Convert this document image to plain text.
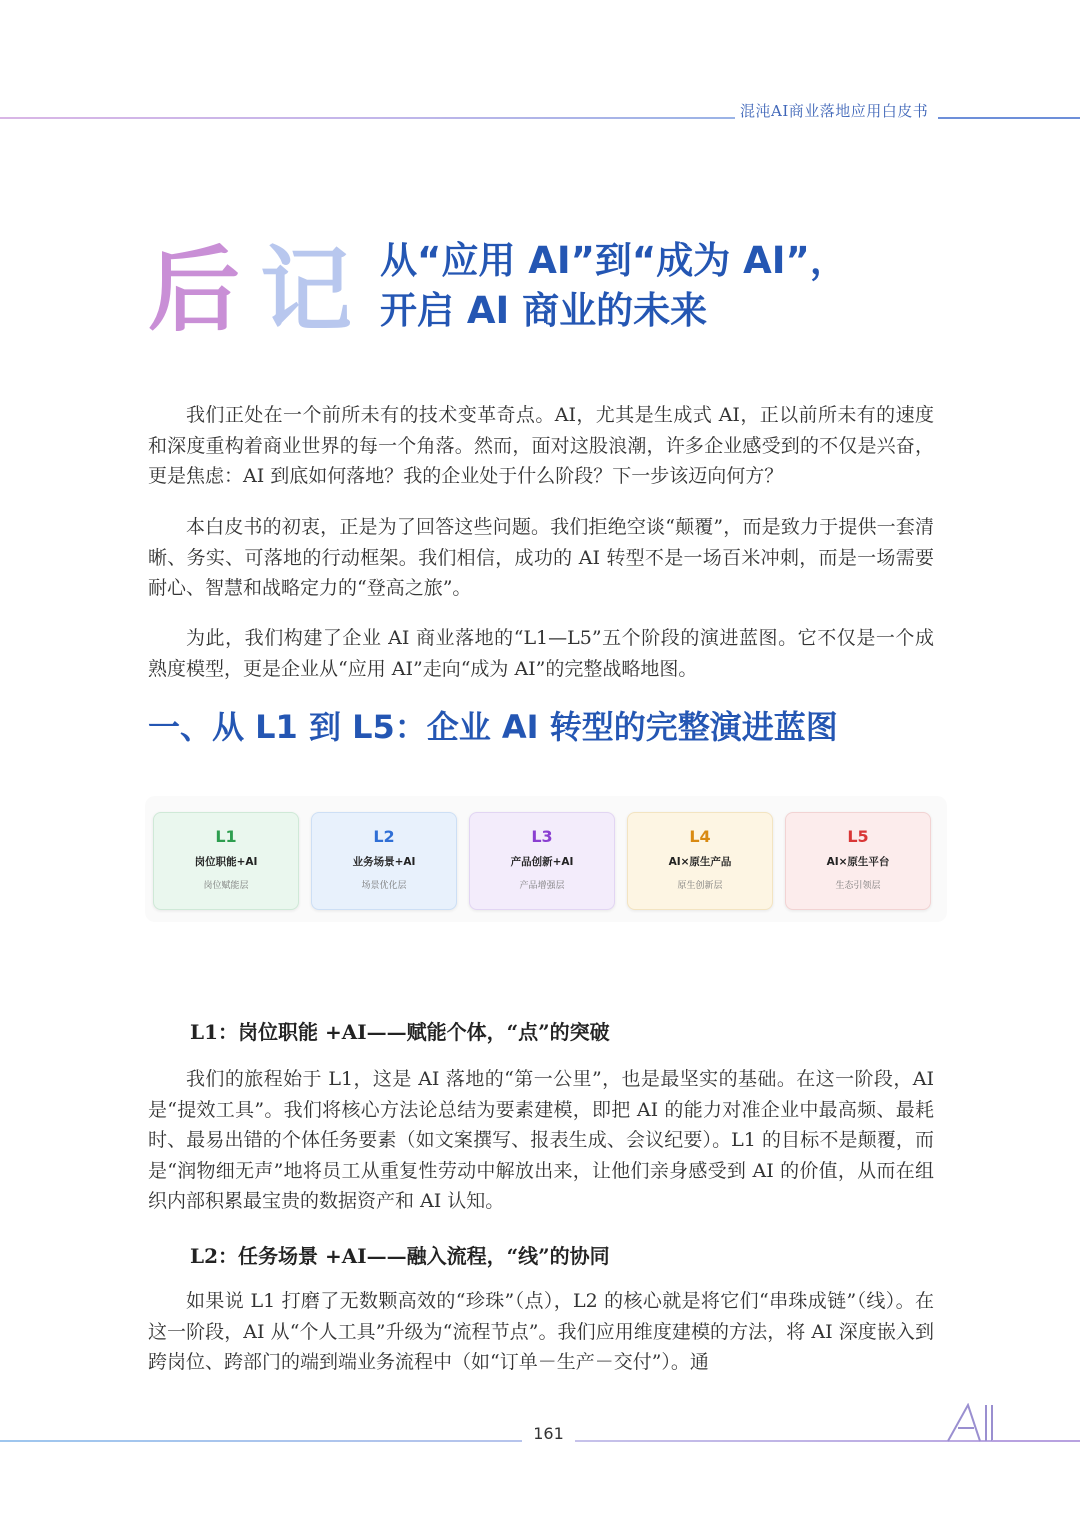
混沌AI商业落地应用白皮书
后记 从“应用 AI”到“成为 AI”，
开启 AI 商业的未来

我们正处在一个前所未有的技术变革奇点。AI，尤其是生成式 AI，正以前所未有的速度和深度重构着商业世界的每一个角落。然而，面对这股浪潮，许多企业感受到的不仅是兴奋，更是焦虑：AI 到底如何落地？我的企业处于什么阶段？下一步该迈向何方？

本白皮书的初衷，正是为了回答这些问题。我们拒绝空谈“颠覆”，而是致力于提供一套清晰、务实、可落地的行动框架。我们相信，成功的 AI 转型不是一场百米冲刺，而是一场需要耐心、智慧和战略定力的“登高之旅”。

为此，我们构建了企业 AI 商业落地的“L1—L5”五个阶段的演进蓝图。它不仅是一个成熟度模型，更是企业从“应用 AI”走向“成为 AI”的完整战略地图。

一、从 L1 到 L5：企业 AI 转型的完整演进蓝图
L1
岗位职能+AI
岗位赋能层
L2
业务场景+AI
场景优化层
L3
产品创新+AI
产品增强层
L4
AI×原生产品
原生创新层
L5
AI×原生平台
生态引领层
L1：岗位职能 +AI——赋能个体，“点”的突破

我们的旅程始于 L1，这是 AI 落地的“第一公里”，也是最坚实的基础。在这一阶段，AI 是“提效工具”。我们将核心方法论总结为要素建模，即把 AI 的能力对准企业中最高频、最耗时、最易出错的个体任务要素（如文案撰写、报表生成、会议纪要）。L1 的目标不是颠覆，而是“润物细无声”地将员工从重复性劳动中解放出来，让他们亲身感受到 AI 的价值，从而在组织内部积累最宝贵的数据资产和 AI 认知。

L2：任务场景 +AI——融入流程，“线”的协同

如果说 L1 打磨了无数颗高效的“珍珠”（点），L2 的核心就是将它们“串珠成链”（线）。在这一阶段，AI 从“个人工具”升级为“流程节点”。我们应用维度建模的方法，将 AI 深度嵌入到跨岗位、跨部门的端到端业务流程中（如“订单－生产－交付”）。通

161
